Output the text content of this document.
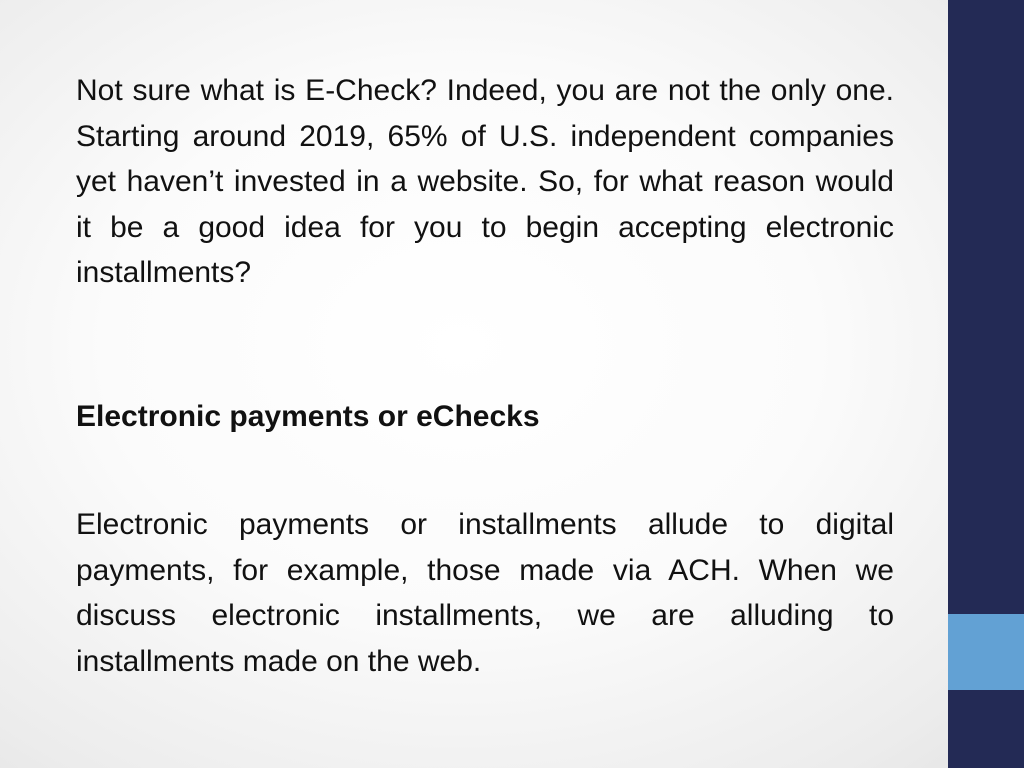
Not sure what is E-Check? Indeed, you are not the only one. Starting around 2019, 65% of U.S. independent companies yet haven’t invested in a website. So, for what reason would it be a good idea for you to begin accepting electronic installments?

Electronic payments or eChecks

Electronic payments or installments allude to digital payments, for example, those made via ACH. When we discuss electronic installments, we are alluding to installments made on the web.
